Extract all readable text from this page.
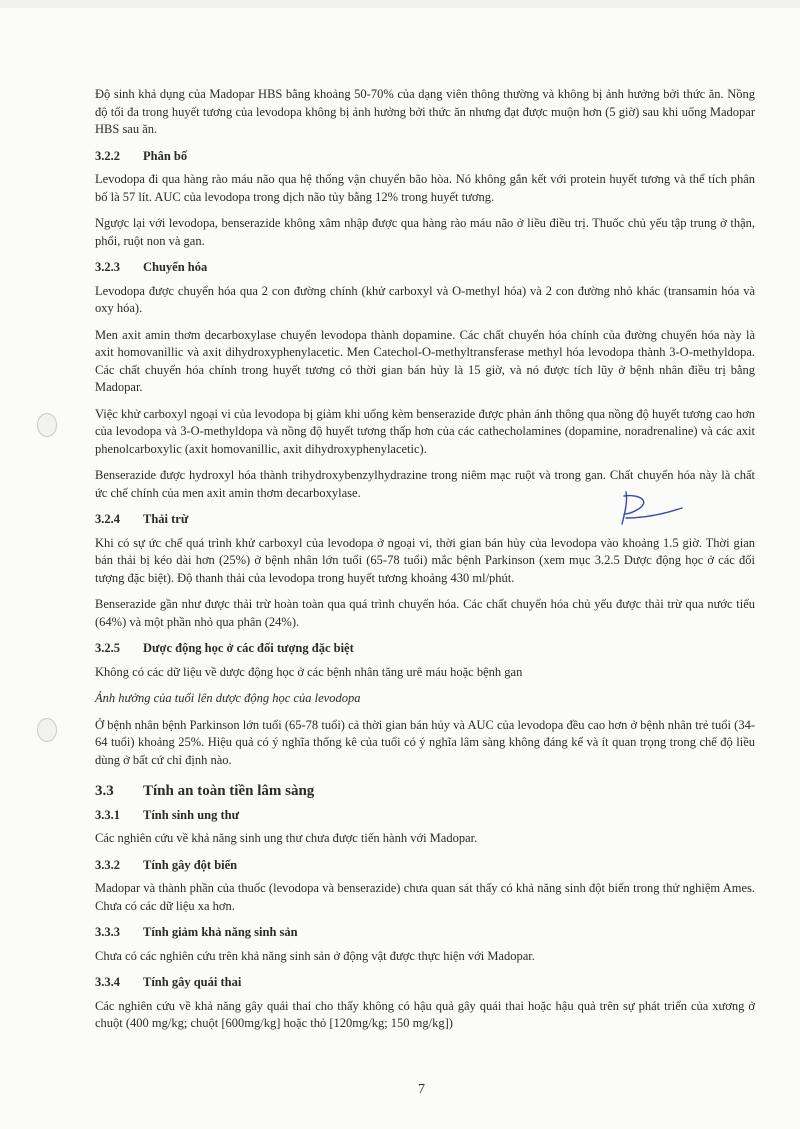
Độ sinh khả dụng của Madopar HBS bằng khoảng 50-70% của dạng viên thông thường và không bị ảnh hưởng bởi thức ăn. Nồng độ tối đa trong huyết tương của levodopa không bị ảnh hưởng bởi thức ăn nhưng đạt được muộn hơn (5 giờ) sau khi uống Madopar HBS sau ăn.

3.2.2	Phân bố

Levodopa đi qua hàng rào máu não qua hệ thống vận chuyển bão hòa. Nó không gắn kết với protein huyết tương và thể tích phân bố là 57 lít. AUC của levodopa trong dịch não tủy bằng 12% trong huyết tương.

Ngược lại với levodopa, benserazide không xâm nhập được qua hàng rào máu não ở liều điều trị. Thuốc chủ yếu tập trung ở thận, phổi, ruột non và gan.

3.2.3	Chuyển hóa

Levodopa được chuyển hóa qua 2 con đường chính (khử carboxyl và O-methyl hóa) và 2 con đường nhỏ khác (transamin hóa và oxy hóa).

Men axit amin thơm decarboxylase chuyển levodopa thành dopamine. Các chất chuyển hóa chính của đường chuyển hóa này là axit homovanillic và axit dihydroxyphenylacetic. Men Catechol-O-methyltransferase methyl hóa levodopa thành 3-O-methyldopa. Các chất chuyển hóa chính trong huyết tương có thời gian bán hủy là 15 giờ, và nó được tích lũy ở bệnh nhân điều trị bằng Madopar.

Việc khử carboxyl ngoại vi của levodopa bị giảm khi uống kèm benserazide được phản ánh thông qua nồng độ huyết tương cao hơn của levodopa và 3-O-methyldopa và nồng độ huyết tương thấp hơn của các cathecholamines (dopamine, noradrenaline) và các axit phenolcarboxylic (axit homovanillic, axit dihydroxyphenylacetic).

Benserazide được hydroxyl hóa thành trihydroxybenzylhydrazine trong niêm mạc ruột và trong gan. Chất chuyển hóa này là chất ức chế chính của men axit amin thơm decarboxylase.

3.2.4	Thải trừ

Khi có sự ức chế quá trình khử carboxyl của levodopa ở ngoại vi, thời gian bán hủy của levodopa vào khoảng 1.5 giờ. Thời gian bán thải bị kéo dài hơn (25%) ở bệnh nhân lớn tuổi (65-78 tuổi) mắc bệnh Parkinson (xem mục 3.2.5 Dược động học ở các đối tượng đặc biệt). Độ thanh thải của levodopa trong huyết tương khoảng 430 ml/phút.

Benserazide gần như được thải trừ hoàn toàn qua quá trình chuyển hóa. Các chất chuyển hóa chủ yếu được thải trừ qua nước tiểu (64%) và một phần nhỏ qua phân (24%).

3.2.5	Dược động học ở các đối tượng đặc biệt

Không có các dữ liệu về dược động học ở các bệnh nhân tăng urê máu hoặc bệnh gan

Ảnh hưởng của tuổi lên dược động học của levodopa

Ở bệnh nhân bệnh Parkinson lớn tuổi (65-78 tuổi) cả thời gian bán hủy và AUC của levodopa đều cao hơn ở bệnh nhân trẻ tuổi (34-64 tuổi) khoảng 25%. Hiệu quả có ý nghĩa thống kê của tuổi có ý nghĩa lâm sàng không đáng kể và ít quan trọng trong chế độ liều dùng ở bất cứ chỉ định nào.

3.3	Tính an toàn tiền lâm sàng
3.3.1	Tính sinh ung thư

Các nghiên cứu về khả năng sinh ung thư chưa được tiến hành với Madopar.

3.3.2	Tính gây đột biến

Madopar và thành phần của thuốc (levodopa và benserazide) chưa quan sát thấy có khả năng sinh đột biến trong thử nghiệm Ames. Chưa có các dữ liệu xa hơn.

3.3.3	Tính giảm khả năng sinh sản

Chưa có các nghiên cứu trên khả năng sinh sản ở động vật được thực hiện với Madopar.

3.3.4	Tính gây quái thai

Các nghiên cứu về khả năng gây quái thai cho thấy không có hậu quả gây quái thai hoặc hậu quả trên sự phát triển của xương ở chuột (400 mg/kg; chuột [600mg/kg] hoặc thỏ [120mg/kg; 150 mg/kg])

7
